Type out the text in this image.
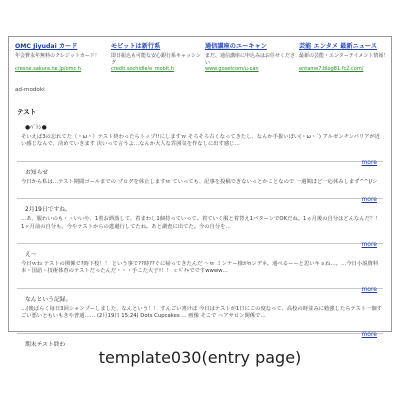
OMC Jiyudai カード
年会費永年無料のクレジットカード！
cresne.sakura.ne.jp/omc.h
モビットは新行系
即日振込も可能な安心銀行系キャッシング
credit.sochidle/e_mobit.h
通信講座のユーキャン
まだ、通信講座に申込みはお任せください
www.gosetcom/u-can
芸能 エンタメ 最新ニュース
最新の芸能・エンターテイメント情報！
entame7.blog81.fc2.com/
ad-modoki
テスト
●ﾊﾞﾄﾝ●
そいえば3の忘れてた（＾ω＾）テスト終わったらトップ!!にしますｗ そろそろ古くなってきたし、なんか手抜いぽい(・ω・`) アルゼンチンバリアが近い感じなんで、決めていきます 決いって言うよ…なんか大人な雰囲気を作なしに出す感じ…
more
お知らせ
今日から私は…テスト期間ゴールまでの ブログを休止しますｗ ていっても、記事を投稿できないっとかことなので 一週間ほど一応休みしまず^^)/シ
more
2月19日ですね。
…あ、服わいのも・・いいや、1着お洒落して、着まわし1個持っていって。着ていく服と着替え1パターンでOKだね。1ヵ月後の自分はどんなんだ？！ 1ヶ月前の自分も。今やテストからの逃避行してたね。あと調査に出てた。今の自分を…
more
え～
今日ｗね テストの関係で?時下校！！ という事で??時??ぐに帰ってきたんだ ～ｗ ミンナー様がnンデネ。通べるーーと思いキョね…。…今日小説資料本・国語・技術体育のテストだったんだ・・・手こた大子ﾘ！！ ｃﾊﾟﾁｬでですwwww…
more
なんという記録。
…(後ばらく毎日3回シャンプーしました、なんという！！ すんごい書けば 今日はテストが1日にこの度なって、高校の時並みに勉強したらテスト一個すごい悪いともいもきや普通…… (2月19日 15:24) Dots Cupcakes … 画像 そこで ヘアサロン関係で…
more
期末テスト終わ
template030(entry page)
